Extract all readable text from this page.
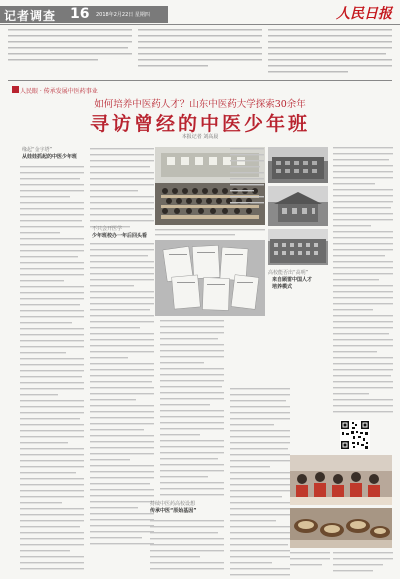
记者调查 16 2018年2月22日 星期四	人民日报
人民眼 · 传承发展中医药事业
如何培养中医药人才？山东中医药大学探索30余年
寻访曾经的中医少年班
本报记者 刘高晨
缘起“金字塔”
从娃娃抓起的中医少年班
不只会开医学
少年班校办一年后回头看
持续中医药高校设想
传承中医“原始基因”
高校能否出“高明”
来自顾雷中国人才
培养模式
